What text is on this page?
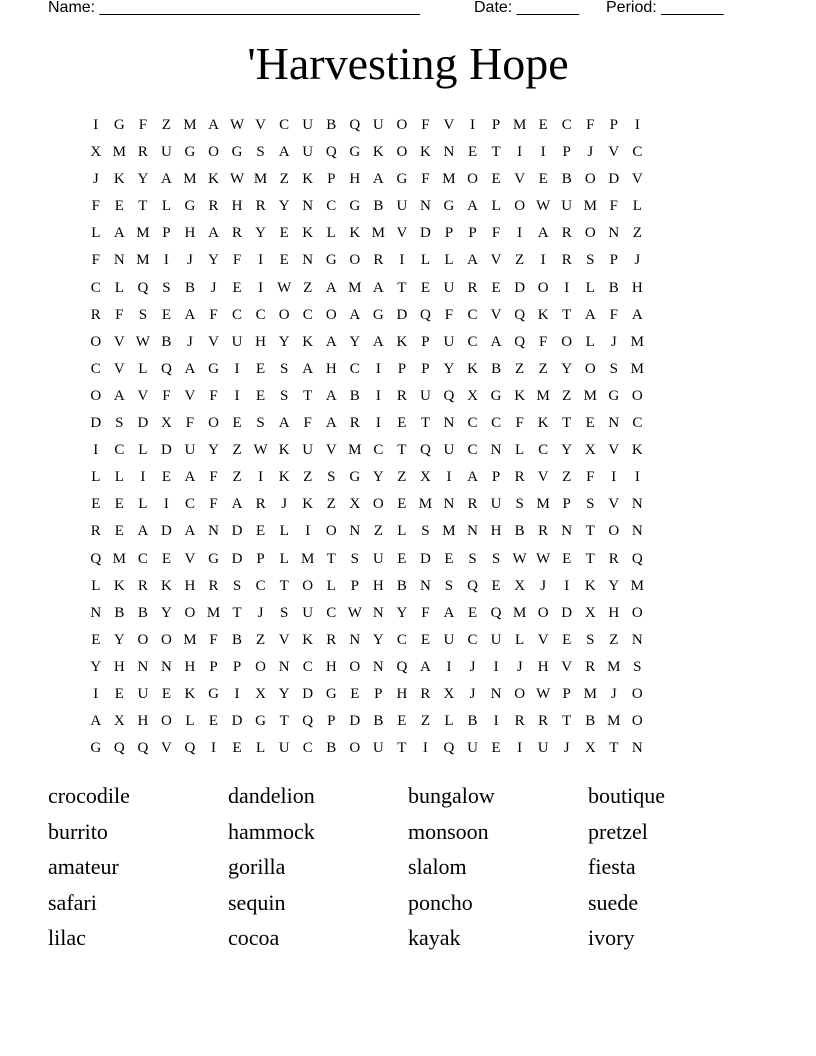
Name: ____________________________________	Date: _______ Period: _______
'Harvesting Hope
I	G F Z M A W V C U B Q U O F V	I	P M E C F	P	I
X M R U G O G S A U Q G K O K N E T	I	I	P	J	V C
J	K Y A M K W M Z K P H A G F M O E V E B O D V
F E T L G R H R Y N C G B U N G A L O W U M F L
L A M P H A R Y E K L K M V D P	P	F	I	A R O N Z
F N M I	J	Y F	I	E N G O R	I	L L A V Z	I	R S	P	J
C L Q S B	J	E	I W Z A M A T E U R E D O	I	L B H
R F	S E A F C C O C O A G D Q F C V Q K T A F A
O V W B	J	V U H Y K A Y A K P U C A Q F O L	J M
C V L Q A G	I	E S A H C	I	P	P Y K B Z Z Y O S M
O A V F V F	I	E S T A B	I	R U Q X G K M Z M G O
D S D X F O E S A F A R	I	E T N C C F K T E N C
I	C L D U Y Z W K U V M C T Q U C N L C Y X V K
L L	I	E A F Z	I	K Z S G Y Z X	I	A P R V Z F	I	I
E E L	I	C F A R	J	K Z X O E M N R U S M P	S V N
R E A D A N D E L	I	O N Z L S M N H B R N T O N
Q M C E V G D P L M T S U E D E S	S W W E T R Q
L K R K H R S C T O L P H B N S Q E X	J	I	K Y M
N B B Y O M T	J	S U C W N Y F A E Q M O D X H O
E Y O O M F B Z V K R N Y C E U C U L V E S Z N
Y H N N H P	P O N C H O N Q A	I	J	I	J	H V R M S
I	E U E K G	I	X Y D G E P H R X	J	N O W P M J	O
A X H O L E D G T Q P D B E Z L B	I	R R T B M O
G Q Q V Q	I	E L U C B O U T	I	Q U E	I	U	J	X T N
crocodile	dandelion	bungalow	boutique
burrito	hammock	monsoon	pretzel
amateur	gorilla	slalom	fiesta
safari	sequin	poncho	suede
lilac	cocoa	kayak	ivory
